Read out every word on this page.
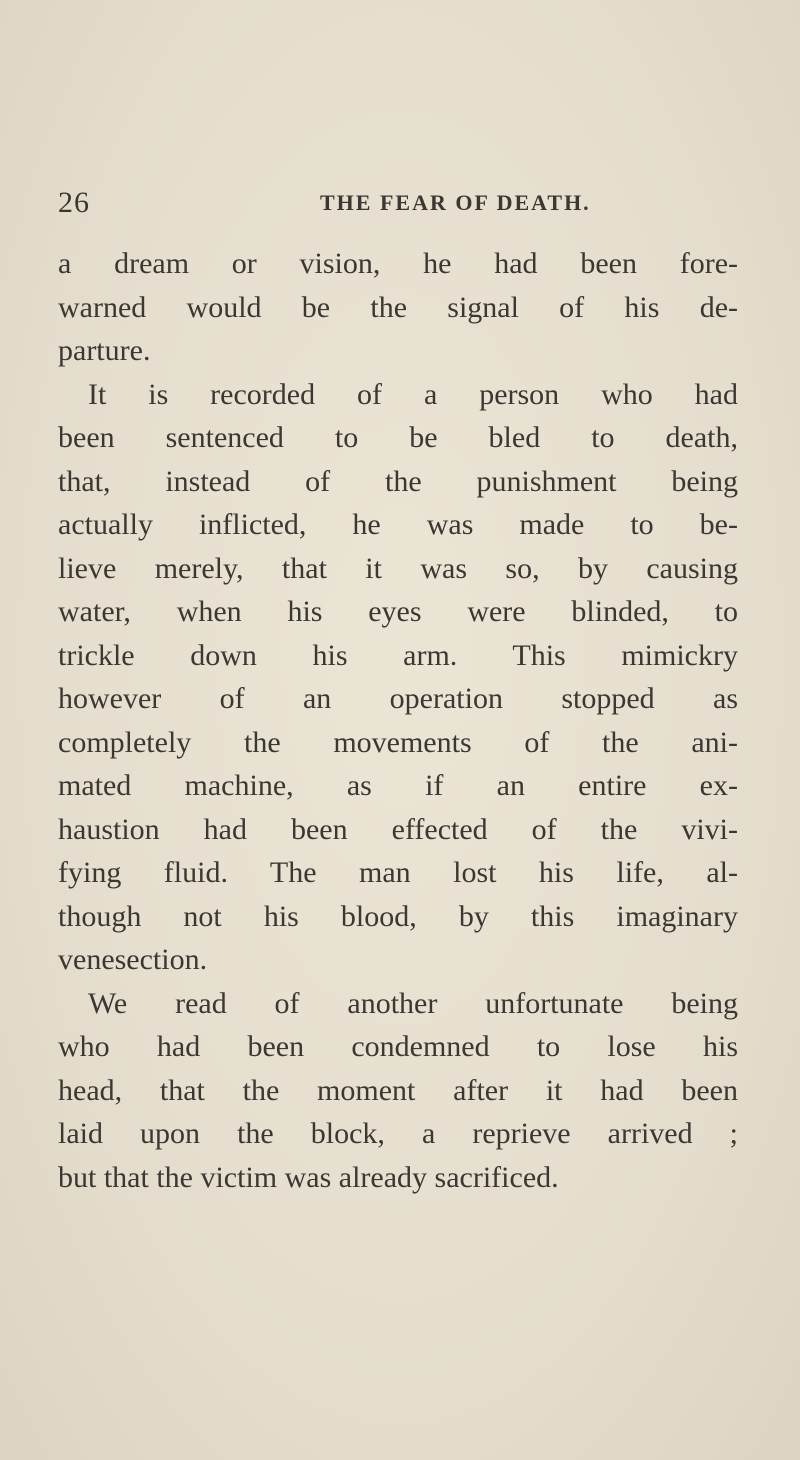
26	THE FEAR OF DEATH.
a dream or vision, he had been fore-
warned would be the signal of his de-
parture.
It is recorded of a person who had
been sentenced to be bled to death,
that, instead of the punishment being
actually inflicted, he was made to be-
lieve merely, that it was so, by causing
water, when his eyes were blinded, to
trickle down his arm. This mimickry
however of an operation stopped as
completely the movements of the ani-
mated machine, as if an entire ex-
haustion had been effected of the vivi-
fying fluid. The man lost his life, al-
though not his blood, by this imaginary
venesection.
We read of another unfortunate being
who had been condemned to lose his
head, that the moment after it had been
laid upon the block, a reprieve arrived ;
but that the victim was already sacrificed.
